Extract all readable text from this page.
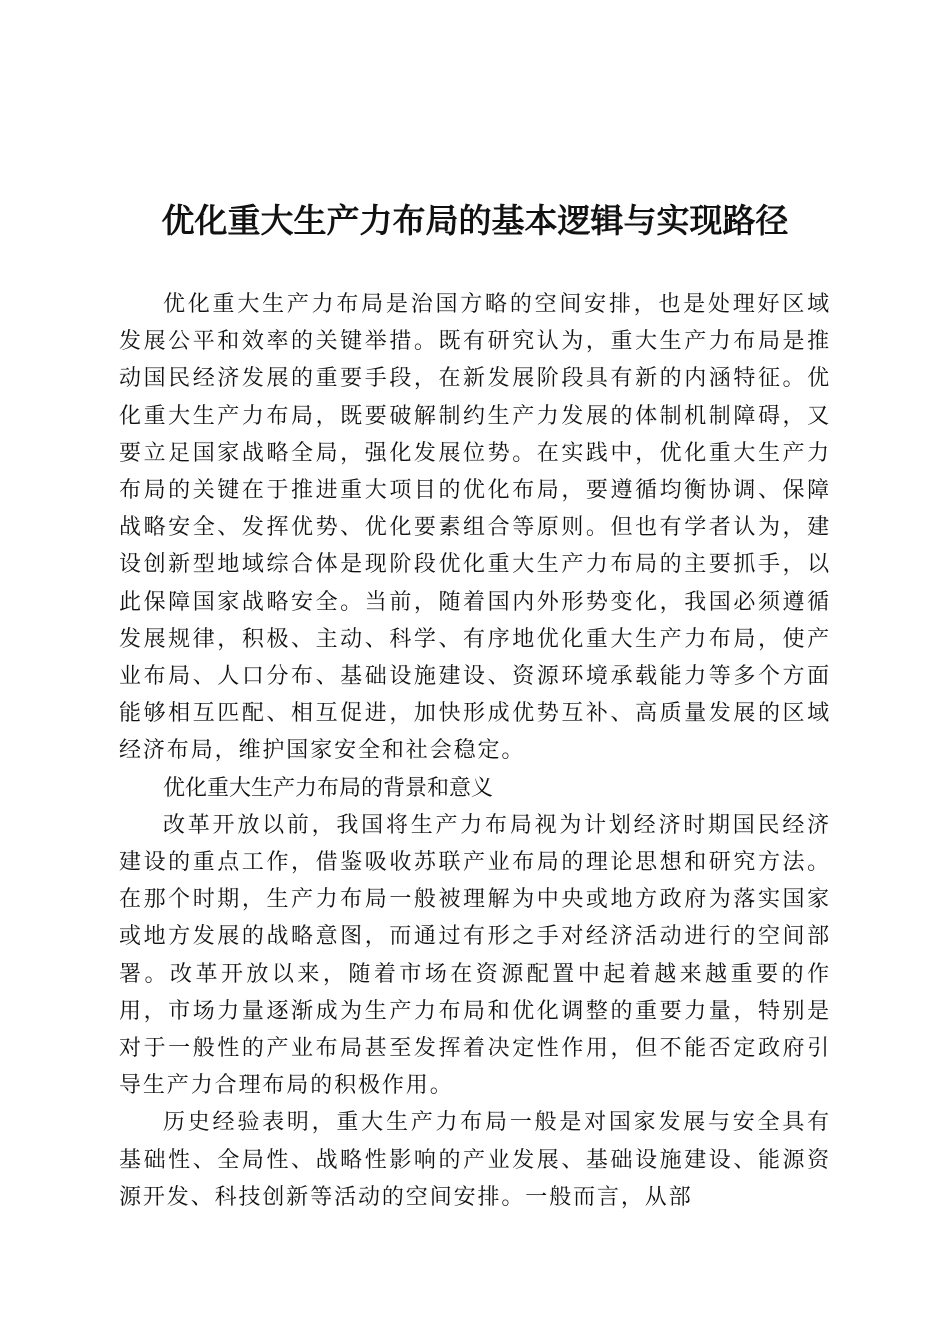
优化重大生产力布局的基本逻辑与实现路径

优化重大生产力布局是治国方略的空间安排，也是处理好区域发展公平和效率的关键举措。既有研究认为，重大生产力布局是推动国民经济发展的重要手段，在新发展阶段具有新的内涵特征。优化重大生产力布局，既要破解制约生产力发展的体制机制障碍，又要立足国家战略全局，强化发展位势。在实践中，优化重大生产力布局的关键在于推进重大项目的优化布局，要遵循均衡协调、保障战略安全、发挥优势、优化要素组合等原则。但也有学者认为，建设创新型地域综合体是现阶段优化重大生产力布局的主要抓手，以此保障国家战略安全。当前，随着国内外形势变化，我国必须遵循发展规律，积极、主动、科学、有序地优化重大生产力布局，使产业布局、人口分布、基础设施建设、资源环境承载能力等多个方面能够相互匹配、相互促进，加快形成优势互补、高质量发展的区域经济布局，维护国家安全和社会稳定。

优化重大生产力布局的背景和意义

改革开放以前，我国将生产力布局视为计划经济时期国民经济建设的重点工作，借鉴吸收苏联产业布局的理论思想和研究方法。在那个时期，生产力布局一般被理解为中央或地方政府为落实国家或地方发展的战略意图，而通过有形之手对经济活动进行的空间部署。改革开放以来，随着市场在资源配置中起着越来越重要的作用，市场力量逐渐成为生产力布局和优化调整的重要力量，特别是对于一般性的产业布局甚至发挥着决定性作用，但不能否定政府引导生产力合理布局的积极作用。

历史经验表明，重大生产力布局一般是对国家发展与安全具有基础性、全局性、战略性影响的产业发展、基础设施建设、能源资源开发、科技创新等活动的空间安排。一般而言，从部
